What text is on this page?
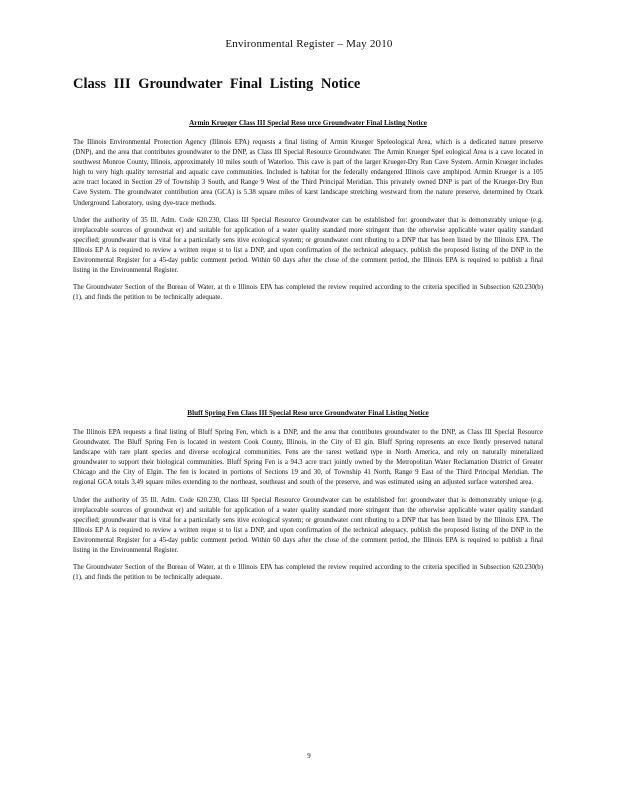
Environmental Register – May 2010
Class III Groundwater Final Listing Notice
Armin Krueger Class III Special Reso urce Groundwater Final Listing Notice

The Illinois Environmental Protection Agency (Illinois EPA) requests a final listing of Armin Krueger Speleological Area, which is a dedicated nature preserve (DNP), and the area that contributes groundwater to the DNP, as Class III Special Resource Groundwater. The Armin Krueger Spel eological Area is a cave located in southwest Monroe County, Illinois, approximately 10 miles south of Waterloo. This cave is part of the larger Krueger-Dry Run Cave System. Armin Krueger includes high to very high quality terrestrial and aquatic cave communities. Included is habitat for the federally endangered Illinois cave amphipod. Armin Krueger is a 105 acre tract located in Section 29 of Township 3 South, and Range 9 West of the Third Principal Meridian. This privately owned DNP is part of the Krueger-Dry Run Cave System. The groundwater contribution area (GCA) is 5.38 square miles of karst landscape stretching westward from the nature preserve, determined by Ozark Underground Laboratory, using dye-trace methods.

Under the authority of 35 Ill. Adm. Code 620.230, Class III Special Resource Groundwater can be established for: groundwater that is demonstrably unique (e.g. irreplaceable sources of groundwat er) and suitable for application of a water quality standard more stringent than the otherwise applicable water quality standard specified; groundwater that is vital for a particularly sens itive ecological system; or groundwater cont ributing to a DNP that has been listed by the Illinois EPA. The Illinois EP A is required to review a written reque st to list a DNP, and upon confirmation of the technical adequacy, publish the proposed listing of the DNP in the Environmental Register for a 45-day public comment period. Within 60 days after the close of the comment period, the Illinois EPA is required to publish a final listing in the Environmental Register.

The Groundwater Section of the Bureau of Water, at th e Illinois EPA has completed the review required according to the criteria specified in Subsection 620.230(b)(1), and finds the petition to be technically adequate.

Bluff Spring Fen Class III Special Reso urce Groundwater Final Listing Notice

The Illinois EPA requests a final listing of Bluff Spring Fen, which is a DNP, and the area that contributes groundwater to the DNP, as Class III Special Resource Groundwater. The Bluff Spring Fen is located in western Cook County, Illinois, in the City of El gin. Bluff Spring represents an exce llently preserved natural landscape with rare plant species and diverse ecological communities. Fens are the rarest wetland type in North America, and rely on naturally mineralized groundwater to support their biological communities. Bluff Spring Fen is a 94.3 acre tract jointly owned by the Metropolitan Water Reclamation District of Greater Chicago and the City of Elgin. The fen is located in portions of Sections 19 and 30, of Township 41 North, Range 9 East of the Third Principal Meridian. The regional GCA totals 3.49 square miles extending to the northeast, southeast and south of the preserve, and was estimated using an adjusted surface watershed area.

Under the authority of 35 Ill. Adm. Code 620.230, Class III Special Resource Groundwater can be established for: groundwater that is demonstrably unique (e.g. irreplaceable sources of groundwat er) and suitable for application of a water quality standard more stringent than the otherwise applicable water quality standard specified; groundwater that is vital for a particularly sens itive ecological system; or groundwater cont ributing to a DNP that has been listed by the Illinois EPA. The Illinois EP A is required to review a written reque st to list a DNP, and upon confirmation of the technical adequacy, publish the proposed listing of the DNP in the Environmental Register for a 45-day public comment period. Within 60 days after the close of the comment period, the Illinois EPA is required to publish a final listing in the Environmental Register.

The Groundwater Section of the Bureau of Water, at th e Illinois EPA has completed the review required according to the criteria specified in Subsection 620.230(b)(1), and finds the petition to be technically adequate.

9
